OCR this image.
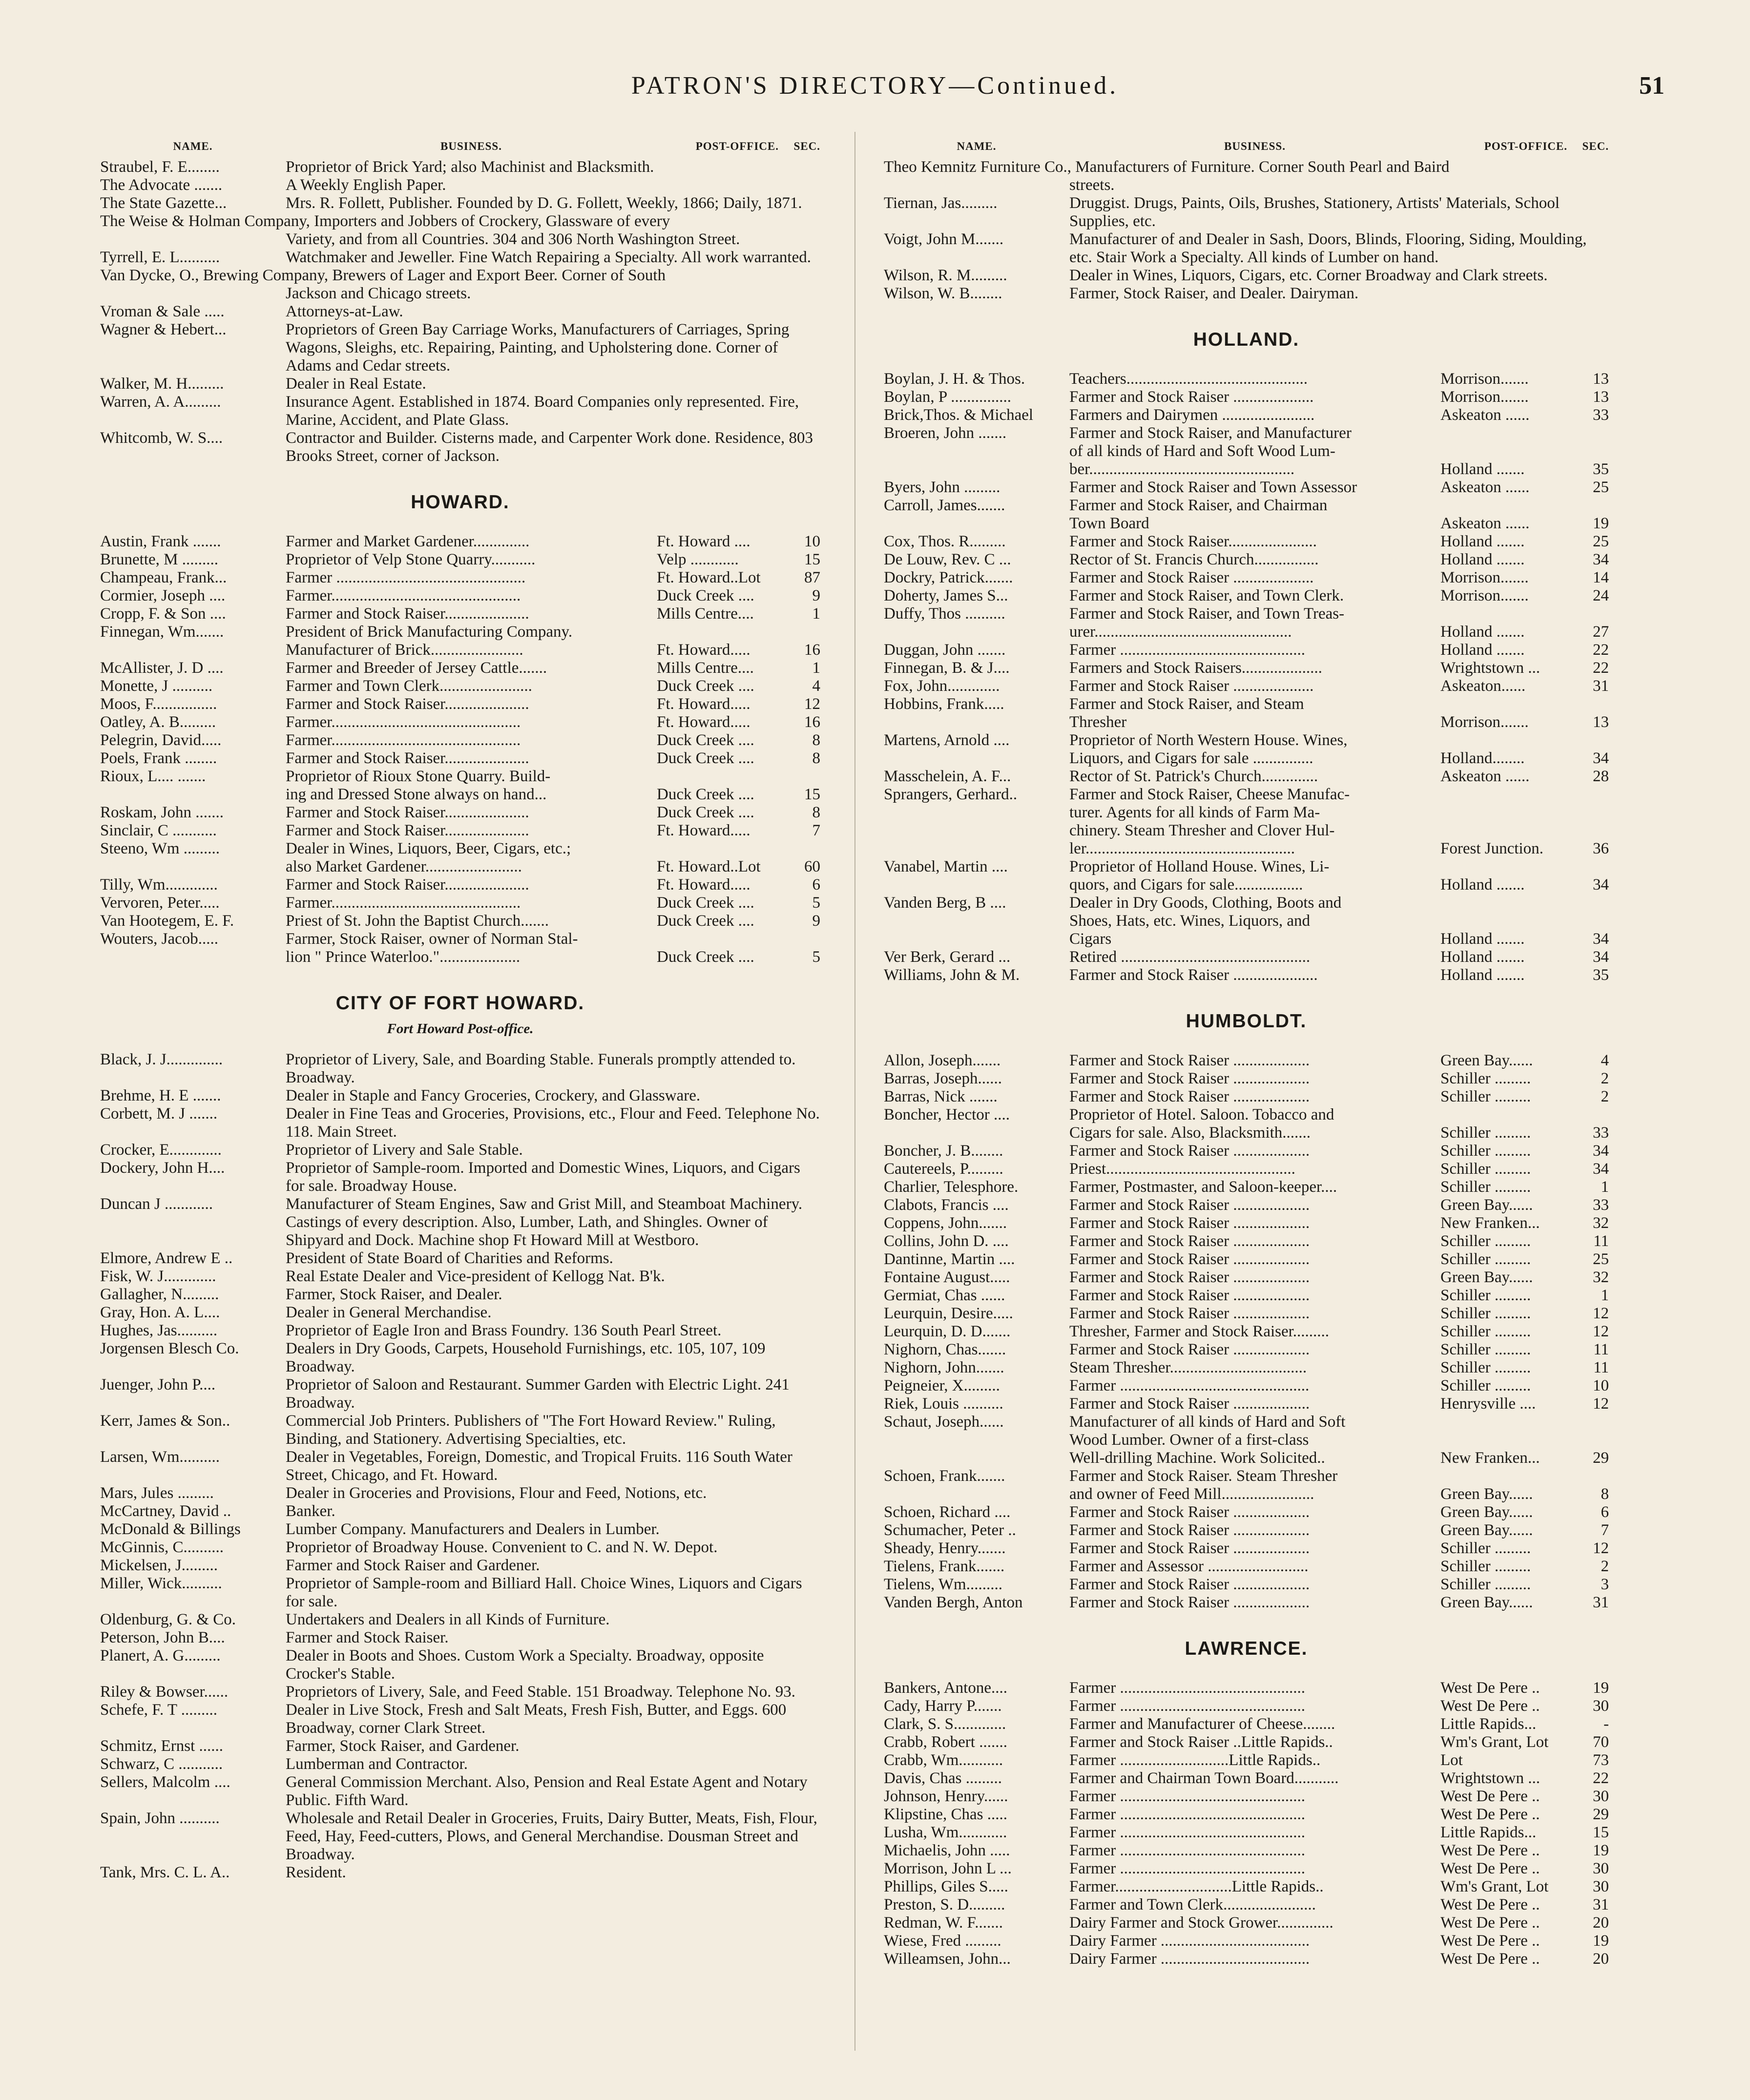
PATRON'S DIRECTORY—Continued.	51
NAME.	BUSINESS.	POST-OFFICE.	SEC.
Straubel, F. E........	Proprietor of Brick Yard; also Machinist and Blacksmith.
The Advocate .......	A Weekly English Paper.
The State Gazette...	Mrs. R. Follett, Publisher. Founded by D. G. Follett, Weekly, 1866; Daily, 1871.
The Weise & Holman Company, Importers and Jobbers of Crockery, Glassware of every
Variety, and from all Countries. 304 and 306 North Washington Street.
Tyrrell, E. L..........	Watchmaker and Jeweller. Fine Watch Repairing a Specialty. All work warranted.
Van Dycke, O., Brewing Company, Brewers of Lager and Export Beer. Corner of South
Jackson and Chicago streets.
Vroman & Sale .....	Attorneys-at-Law.
Wagner & Hebert...	Proprietors of Green Bay Carriage Works, Manufacturers of Carriages, Spring Wagons, Sleighs, etc. Repairing, Painting, and Upholstering done. Corner of Adams and Cedar streets.
Walker, M. H.........	Dealer in Real Estate.
Warren, A. A.........	Insurance Agent. Established in 1874. Board Companies only represented. Fire, Marine, Accident, and Plate Glass.
Whitcomb, W. S....	Contractor and Builder. Cisterns made, and Carpenter Work done. Residence, 803 Brooks Street, corner of Jackson.
HOWARD.
Austin, Frank .......	Farmer and Market Gardener..............	Ft. Howard ....	10
Brunette, M .........	Proprietor of Velp Stone Quarry...........	Velp ............	15
Champeau, Frank...	Farmer ...............................................	Ft. Howard..Lot	87
Cormier, Joseph ....	Farmer...............................................	Duck Creek ....	9
Cropp, F. & Son ....	Farmer and Stock Raiser.....................	Mills Centre....	1
Finnegan, Wm.......	President of Brick Manufacturing Company.
Manufacturer of Brick.......................	Ft. Howard.....	16
McAllister, J. D ....	Farmer and Breeder of Jersey Cattle.......	Mills Centre....	1
Monette, J ..........	Farmer and Town Clerk.......................	Duck Creek ....	4
Moos, F................	Farmer and Stock Raiser.....................	Ft. Howard.....	12
Oatley, A. B.........	Farmer...............................................	Ft. Howard.....	16
Pelegrin, David.....	Farmer...............................................	Duck Creek ....	8
Poels, Frank ........	Farmer and Stock Raiser.....................	Duck Creek ....	8
Rioux, L.... .......	Proprietor of Rioux Stone Quarry. Build-
ing and Dressed Stone always on hand...	Duck Creek ....	15
Roskam, John .......	Farmer and Stock Raiser.....................	Duck Creek ....	8
Sinclair, C ...........	Farmer and Stock Raiser.....................	Ft. Howard.....	7
Steeno, Wm .........	Dealer in Wines, Liquors, Beer, Cigars, etc.;
also Market Gardener........................	Ft. Howard..Lot	60
Tilly, Wm.............	Farmer and Stock Raiser.....................	Ft. Howard.....	6
Vervoren, Peter.....	Farmer...............................................	Duck Creek ....	5
Van Hootegem, E. F.	Priest of St. John the Baptist Church.......	Duck Creek ....	9
Wouters, Jacob.....	Farmer, Stock Raiser, owner of Norman Stal-
lion " Prince Waterloo."....................	Duck Creek ....	5
CITY OF FORT HOWARD.
Fort Howard Post-office.
Black, J. J..............	Proprietor of Livery, Sale, and Boarding Stable. Funerals promptly attended to. Broadway.
Brehme, H. E .......	Dealer in Staple and Fancy Groceries, Crockery, and Glassware.
Corbett, M. J .......	Dealer in Fine Teas and Groceries, Provisions, etc., Flour and Feed. Telephone No. 118. Main Street.
Crocker, E.............	Proprietor of Livery and Sale Stable.
Dockery, John H....	Proprietor of Sample-room. Imported and Domestic Wines, Liquors, and Cigars for sale. Broadway House.
Duncan J ............	Manufacturer of Steam Engines, Saw and Grist Mill, and Steamboat Machinery. Castings of every description. Also, Lumber, Lath, and Shingles. Owner of Shipyard and Dock. Machine shop Ft Howard Mill at Westboro.
Elmore, Andrew E ..	President of State Board of Charities and Reforms.
Fisk, W. J.............	Real Estate Dealer and Vice-president of Kellogg Nat. B'k.
Gallagher, N.........	Farmer, Stock Raiser, and Dealer.
Gray, Hon. A. L....	Dealer in General Merchandise.
Hughes, Jas..........	Proprietor of Eagle Iron and Brass Foundry. 136 South Pearl Street.
Jorgensen Blesch Co.	Dealers in Dry Goods, Carpets, Household Furnishings, etc. 105, 107, 109 Broadway.
Juenger, John P....	Proprietor of Saloon and Restaurant. Summer Garden with Electric Light. 241 Broadway.
Kerr, James & Son..	Commercial Job Printers. Publishers of "The Fort Howard Review." Ruling, Binding, and Stationery. Advertising Specialties, etc.
Larsen, Wm..........	Dealer in Vegetables, Foreign, Domestic, and Tropical Fruits. 116 South Water Street, Chicago, and Ft. Howard.
Mars, Jules .........	Dealer in Groceries and Provisions, Flour and Feed, Notions, etc.
McCartney, David ..	Banker.
McDonald & Billings	Lumber Company. Manufacturers and Dealers in Lumber.
McGinnis, C..........	Proprietor of Broadway House. Convenient to C. and N. W. Depot.
Mickelsen, J.........	Farmer and Stock Raiser and Gardener.
Miller, Wick..........	Proprietor of Sample-room and Billiard Hall. Choice Wines, Liquors and Cigars for sale.
Oldenburg, G. & Co.	Undertakers and Dealers in all Kinds of Furniture.
Peterson, John B....	Farmer and Stock Raiser.
Planert, A. G.........	Dealer in Boots and Shoes. Custom Work a Specialty. Broadway, opposite Crocker's Stable.
Riley & Bowser......	Proprietors of Livery, Sale, and Feed Stable. 151 Broadway. Telephone No. 93.
Schefe, F. T .........	Dealer in Live Stock, Fresh and Salt Meats, Fresh Fish, Butter, and Eggs. 600 Broadway, corner Clark Street.
Schmitz, Ernst ......	Farmer, Stock Raiser, and Gardener.
Schwarz, C ...........	Lumberman and Contractor.
Sellers, Malcolm ....	General Commission Merchant. Also, Pension and Real Estate Agent and Notary Public. Fifth Ward.
Spain, John ..........	Wholesale and Retail Dealer in Groceries, Fruits, Dairy Butter, Meats, Fish, Flour, Feed, Hay, Feed-cutters, Plows, and General Merchandise. Dousman Street and Broadway.
Tank, Mrs. C. L. A..	Resident.
NAME.	BUSINESS.	POST-OFFICE.	SEC.
Theo Kemnitz Furniture Co., Manufacturers of Furniture. Corner South Pearl and Baird
streets.
Tiernan, Jas.........	Druggist. Drugs, Paints, Oils, Brushes, Stationery, Artists' Materials, School Supplies, etc.
Voigt, John M.......	Manufacturer of and Dealer in Sash, Doors, Blinds, Flooring, Siding, Moulding, etc. Stair Work a Specialty. All kinds of Lumber on hand.
Wilson, R. M.........	Dealer in Wines, Liquors, Cigars, etc. Corner Broadway and Clark streets.
Wilson, W. B........	Farmer, Stock Raiser, and Dealer. Dairyman.
HOLLAND.
Boylan, J. H. & Thos.	Teachers.............................................	Morrison.......	13
Boylan, P ...............	Farmer and Stock Raiser ....................	Morrison.......	13
Brick,Thos. & Michael	Farmers and Dairymen .......................	Askeaton ......	33
Broeren, John .......	Farmer and Stock Raiser, and Manufacturer
of all kinds of Hard and Soft Wood Lum-
ber...................................................	Holland .......	35
Byers, John .........	Farmer and Stock Raiser and Town Assessor	Askeaton ......	25
Carroll, James.......	Farmer and Stock Raiser, and Chairman
Town Board	Askeaton ......	19
Cox, Thos. R.........	Farmer and Stock Raiser......................	Holland .......	25
De Louw, Rev. C ...	Rector of St. Francis Church................	Holland .......	34
Dockry, Patrick.......	Farmer and Stock Raiser ....................	Morrison.......	14
Doherty, James S...	Farmer and Stock Raiser, and Town Clerk.	Morrison.......	24
Duffy, Thos ..........	Farmer and Stock Raiser, and Town Treas-
urer.................................................	Holland .......	27
Duggan, John .......	Farmer ..............................................	Holland .......	22
Finnegan, B. & J....	Farmers and Stock Raisers....................	Wrightstown ...	22
Fox, John.............	Farmer and Stock Raiser ....................	Askeaton......	31
Hobbins, Frank.....	Farmer and Stock Raiser, and Steam
Thresher	Morrison.......	13
Martens, Arnold ....	Proprietor of North Western House. Wines,
Liquors, and Cigars for sale ...............	Holland........	34
Masschelein, A. F...	Rector of St. Patrick's Church..............	Askeaton ......	28
Sprangers, Gerhard..	Farmer and Stock Raiser, Cheese Manufac-
turer. Agents for all kinds of Farm Ma-
chinery. Steam Thresher and Clover Hul-
ler....................................................	Forest Junction.	36
Vanabel, Martin ....	Proprietor of Holland House. Wines, Li-
quors, and Cigars for sale.................	Holland .......	34
Vanden Berg, B ....	Dealer in Dry Goods, Clothing, Boots and
Shoes, Hats, etc. Wines, Liquors, and
Cigars	Holland .......	34
Ver Berk, Gerard ...	Retired ...............................................	Holland .......	34
Williams, John & M.	Farmer and Stock Raiser .....................	Holland .......	35
HUMBOLDT.
Allon, Joseph.......	Farmer and Stock Raiser ...................	Green Bay......	4
Barras, Joseph......	Farmer and Stock Raiser ...................	Schiller .........	2
Barras, Nick .......	Farmer and Stock Raiser ...................	Schiller .........	2
Boncher, Hector ....	Proprietor of Hotel. Saloon. Tobacco and
Cigars for sale. Also, Blacksmith.......	Schiller .........	33
Boncher, J. B........	Farmer and Stock Raiser ...................	Schiller .........	34
Cautereels, P.........	Priest...............................................	Schiller .........	34
Charlier, Telesphore.	Farmer, Postmaster, and Saloon-keeper....	Schiller .........	1
Clabots, Francis ....	Farmer and Stock Raiser ...................	Green Bay......	33
Coppens, John.......	Farmer and Stock Raiser ...................	New Franken...	32
Collins, John D. ....	Farmer and Stock Raiser ...................	Schiller .........	11
Dantinne, Martin ....	Farmer and Stock Raiser ...................	Schiller .........	25
Fontaine August.....	Farmer and Stock Raiser ...................	Green Bay......	32
Germiat, Chas ......	Farmer and Stock Raiser ...................	Schiller .........	1
Leurquin, Desire.....	Farmer and Stock Raiser ...................	Schiller .........	12
Leurquin, D. D.......	Thresher, Farmer and Stock Raiser.........	Schiller .........	12
Nighorn, Chas.......	Farmer and Stock Raiser ...................	Schiller .........	11
Nighorn, John.......	Steam Thresher..................................	Schiller .........	11
Peigneier, X.........	Farmer ...............................................	Schiller .........	10
Riek, Louis ..........	Farmer and Stock Raiser ...................	Henrysville ....	12
Schaut, Joseph......	Manufacturer of all kinds of Hard and Soft
Wood Lumber. Owner of a first-class
Well-drilling Machine. Work Solicited..	New Franken...	29
Schoen, Frank.......	Farmer and Stock Raiser. Steam Thresher
and owner of Feed Mill.......................	Green Bay......	8
Schoen, Richard ....	Farmer and Stock Raiser ...................	Green Bay......	6
Schumacher, Peter ..	Farmer and Stock Raiser ...................	Green Bay......	7
Sheady, Henry.......	Farmer and Stock Raiser ...................	Schiller .........	12
Tielens, Frank.......	Farmer and Assessor .........................	Schiller .........	2
Tielens, Wm.........	Farmer and Stock Raiser ...................	Schiller .........	3
Vanden Bergh, Anton	Farmer and Stock Raiser ...................	Green Bay......	31
LAWRENCE.
Bankers, Antone....	Farmer ..............................................	West De Pere ..	19
Cady, Harry P.......	Farmer ..............................................	West De Pere ..	30
Clark, S. S.............	Farmer and Manufacturer of Cheese........	Little Rapids...	-
Crabb, Robert .......	Farmer and Stock Raiser ..Little Rapids..	Wm's Grant, Lot	70
Crabb, Wm...........	Farmer ...........................Little Rapids..	Lot	73
Davis, Chas .........	Farmer and Chairman Town Board...........	Wrightstown ...	22
Johnson, Henry......	Farmer ..............................................	West De Pere ..	30
Klipstine, Chas .....	Farmer ..............................................	West De Pere ..	29
Lusha, Wm............	Farmer ..............................................	Little Rapids...	15
Michaelis, John .....	Farmer ..............................................	West De Pere ..	19
Morrison, John L ...	Farmer ..............................................	West De Pere ..	30
Phillips, Giles S.....	Farmer.............................Little Rapids..	Wm's Grant, Lot	30
Preston, S. D.........	Farmer and Town Clerk.......................	West De Pere ..	31
Redman, W. F.......	Dairy Farmer and Stock Grower..............	West De Pere ..	20
Wiese, Fred .........	Dairy Farmer .....................................	West De Pere ..	19
Willeamsen, John...	Dairy Farmer .....................................	West De Pere ..	20
